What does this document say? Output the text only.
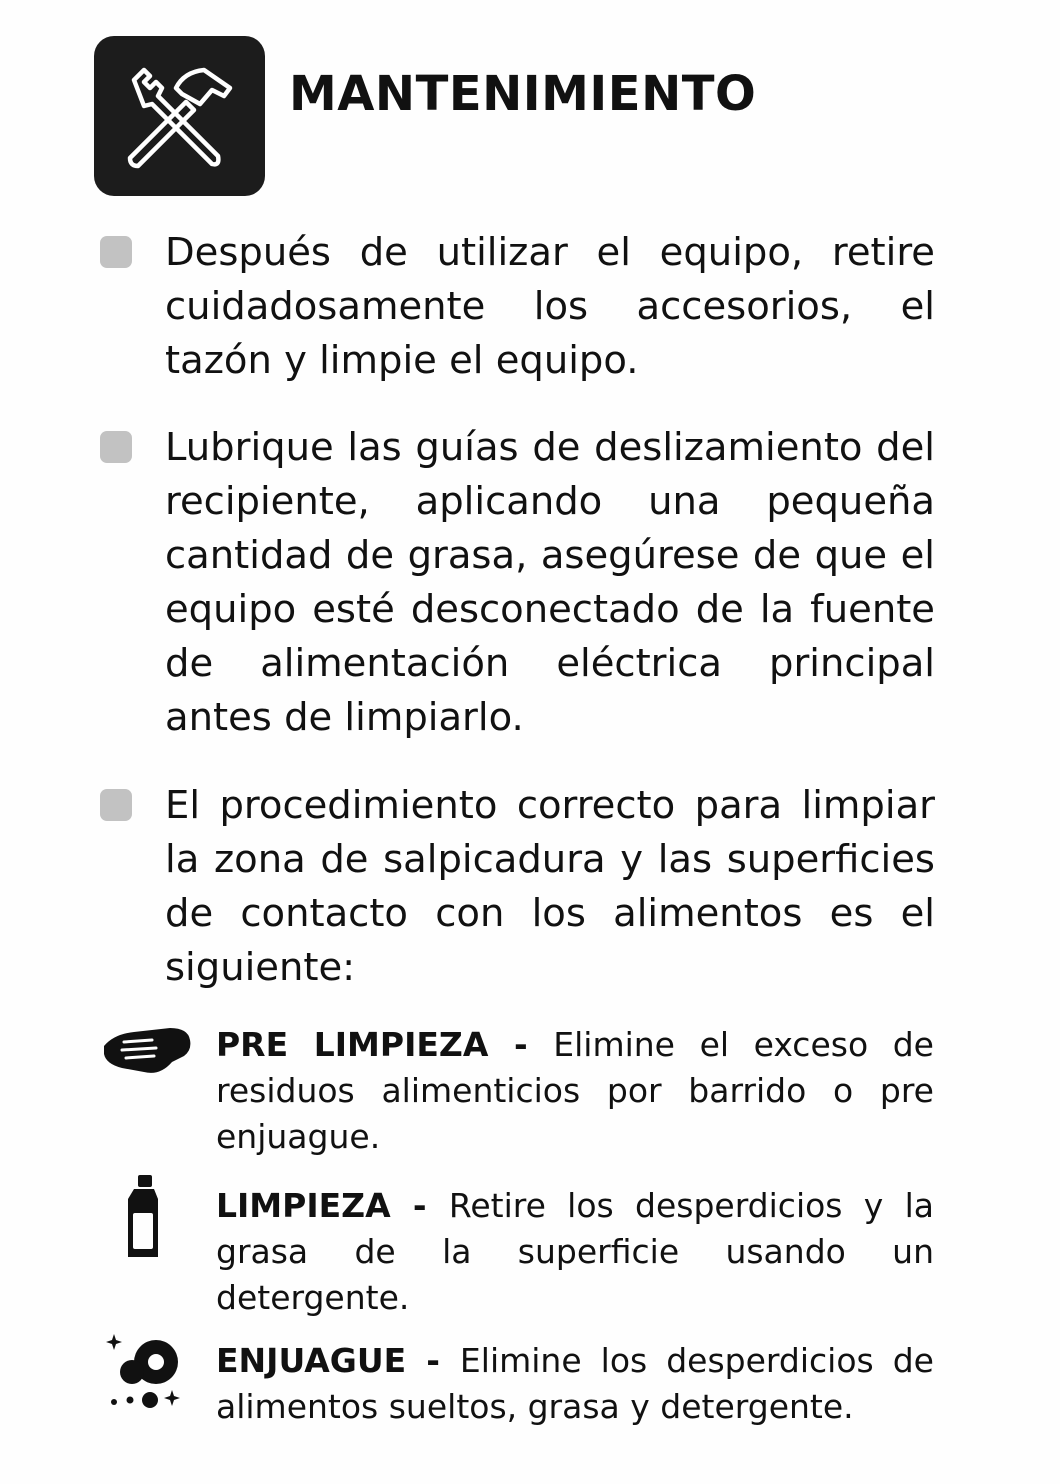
MANTENIMIENTO
Después de utilizar el equipo, retire cuidadosamente los accesorios, el tazón y limpie el equipo.
Lubrique las guías de deslizamiento del recipiente, aplicando una pequeña cantidad de grasa, asegúrese de que el equipo esté desconectado de la fuente de alimentación eléctrica principal antes de limpiarlo.
El procedimiento correcto para limpiar la zona de salpicadura y las superficies de contacto con los alimentos es el siguiente:
PRE LIMPIEZA - Elimine el exceso de residuos alimenticios por barrido o pre enjuague.
LIMPIEZA - Retire los desperdicios y la grasa de la superficie usando un detergente.
ENJUAGUE - Elimine los desperdicios de alimentos sueltos, grasa y detergente.
